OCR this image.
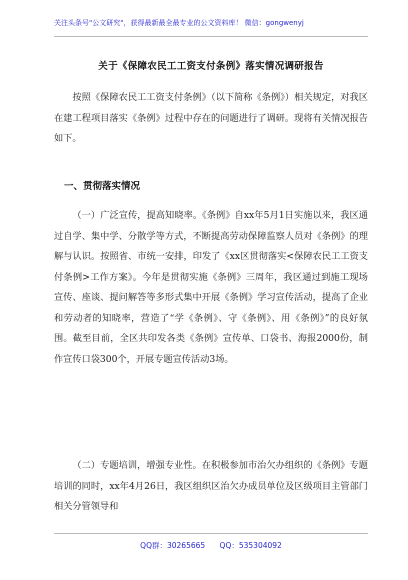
关注头条号"公文研究"，获得最新最全最专业的公文资料库！ 微信：gongwenyj
关于《保障农民工工资支付条例》落实情况调研报告
按照《保障农民工工资支付条例》（以下简称《条例》）相关规定，对我区在建工程项目落实《条例》过程中存在的问题进行了调研。现将有关情况报告如下。
一、贯彻落实情况
（一）广泛宣传，提高知晓率。《条例》自xx年5月1日实施以来，我区通过自学、集中学、分散学等方式，不断提高劳动保障监察人员对《条例》的理解与认识。按照省、市统一安排，印发了《xx区贯彻落实<保障农民工工资支付条例>工作方案》。今年是贯彻实施《条例》三周年，我区通过到施工现场宣传、座谈、提问解答等多形式集中开展《条例》学习宣传活动，提高了企业和劳动者的知晓率，营造了“学《条例》、守《条例》、用《条例》”的良好氛围。截至目前，全区共印发各类《条例》宣传单、口袋书、海报2000份，制作宣传口袋300个，开展专题宣传活动3场。
（二）专题培训，增强专业性。在积极参加市治欠办组织的《条例》专题培训的同时，xx年4月26日，我区组织区治欠办成员单位及区级项目主管部门相关分管领导和
QQ群：30265665 QQ：535304092
